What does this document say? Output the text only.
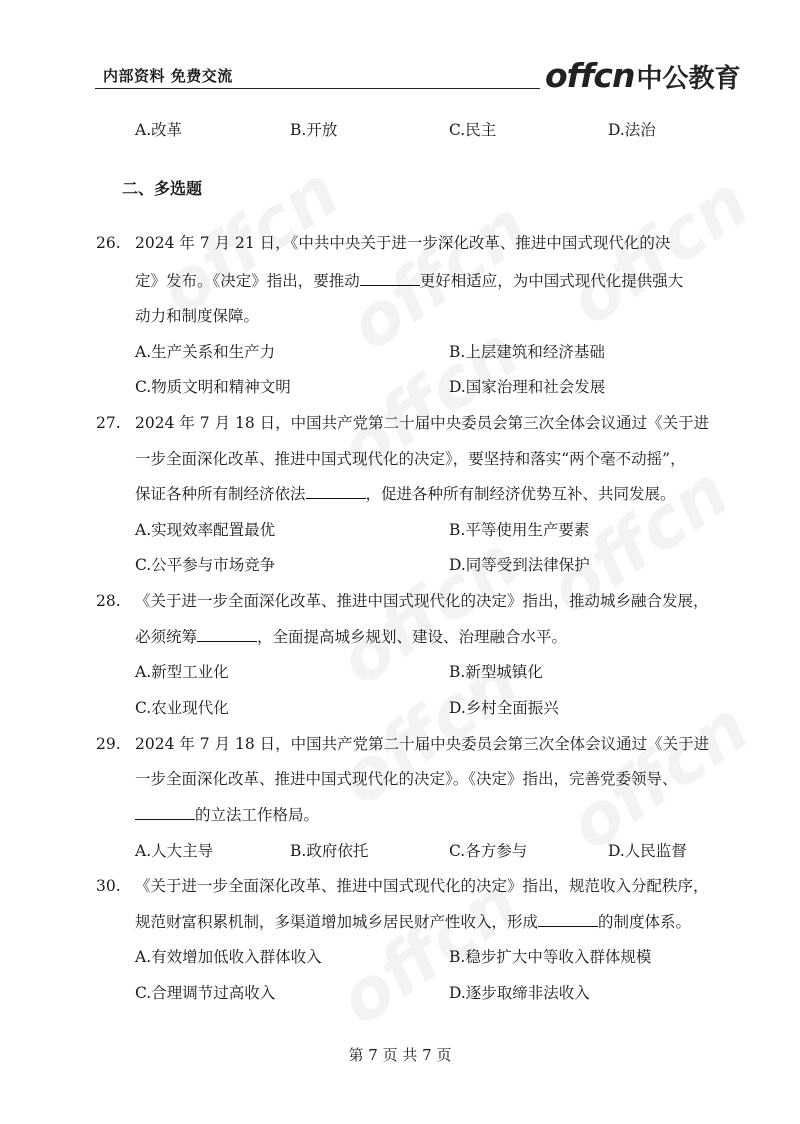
内部资料 免费交流	offcn 中公教育
A.改革	B.开放	C.民主	D.法治
二、多选题
26. 2024 年 7 月 21 日，《中共中央关于进一步深化改革、推进中国式现代化的决
定》发布。《决定》指出，要推动	更好相适应，为中国式现代化提供强大
动力和制度保障。
A.生产关系和生产力	B.上层建筑和经济基础
C.物质文明和精神文明	D.国家治理和社会发展
27. 2024 年 7 月 18 日，中国共产党第二十届中央委员会第三次全体会议通过《关于进
一步全面深化改革、推进中国式现代化的决定》，要坚持和落实“两个毫不动摇”，
保证各种所有制经济依法	，促进各种所有制经济优势互补、共同发展。
A.实现效率配置最优	B.平等使用生产要素
C.公平参与市场竞争	D.同等受到法律保护
28. 《关于进一步全面深化改革、推进中国式现代化的决定》指出，推动城乡融合发展，
必须统筹	，全面提高城乡规划、建设、治理融合水平。
A.新型工业化	B.新型城镇化
C.农业现代化	D.乡村全面振兴
29. 2024 年 7 月 18 日，中国共产党第二十届中央委员会第三次全体会议通过《关于进
一步全面深化改革、推进中国式现代化的决定》。《决定》指出，完善党委领导、
的立法工作格局。
A.人大主导	B.政府依托	C.各方参与	D.人民监督
30. 《关于进一步全面深化改革、推进中国式现代化的决定》指出，规范收入分配秩序，
规范财富积累机制，多渠道增加城乡居民财产性收入，形成	的制度体系。
A.有效增加低收入群体收入	B.稳步扩大中等收入群体规模
C.合理调节过高收入	D.逐步取缔非法收入
第 7 页 共 7 页
